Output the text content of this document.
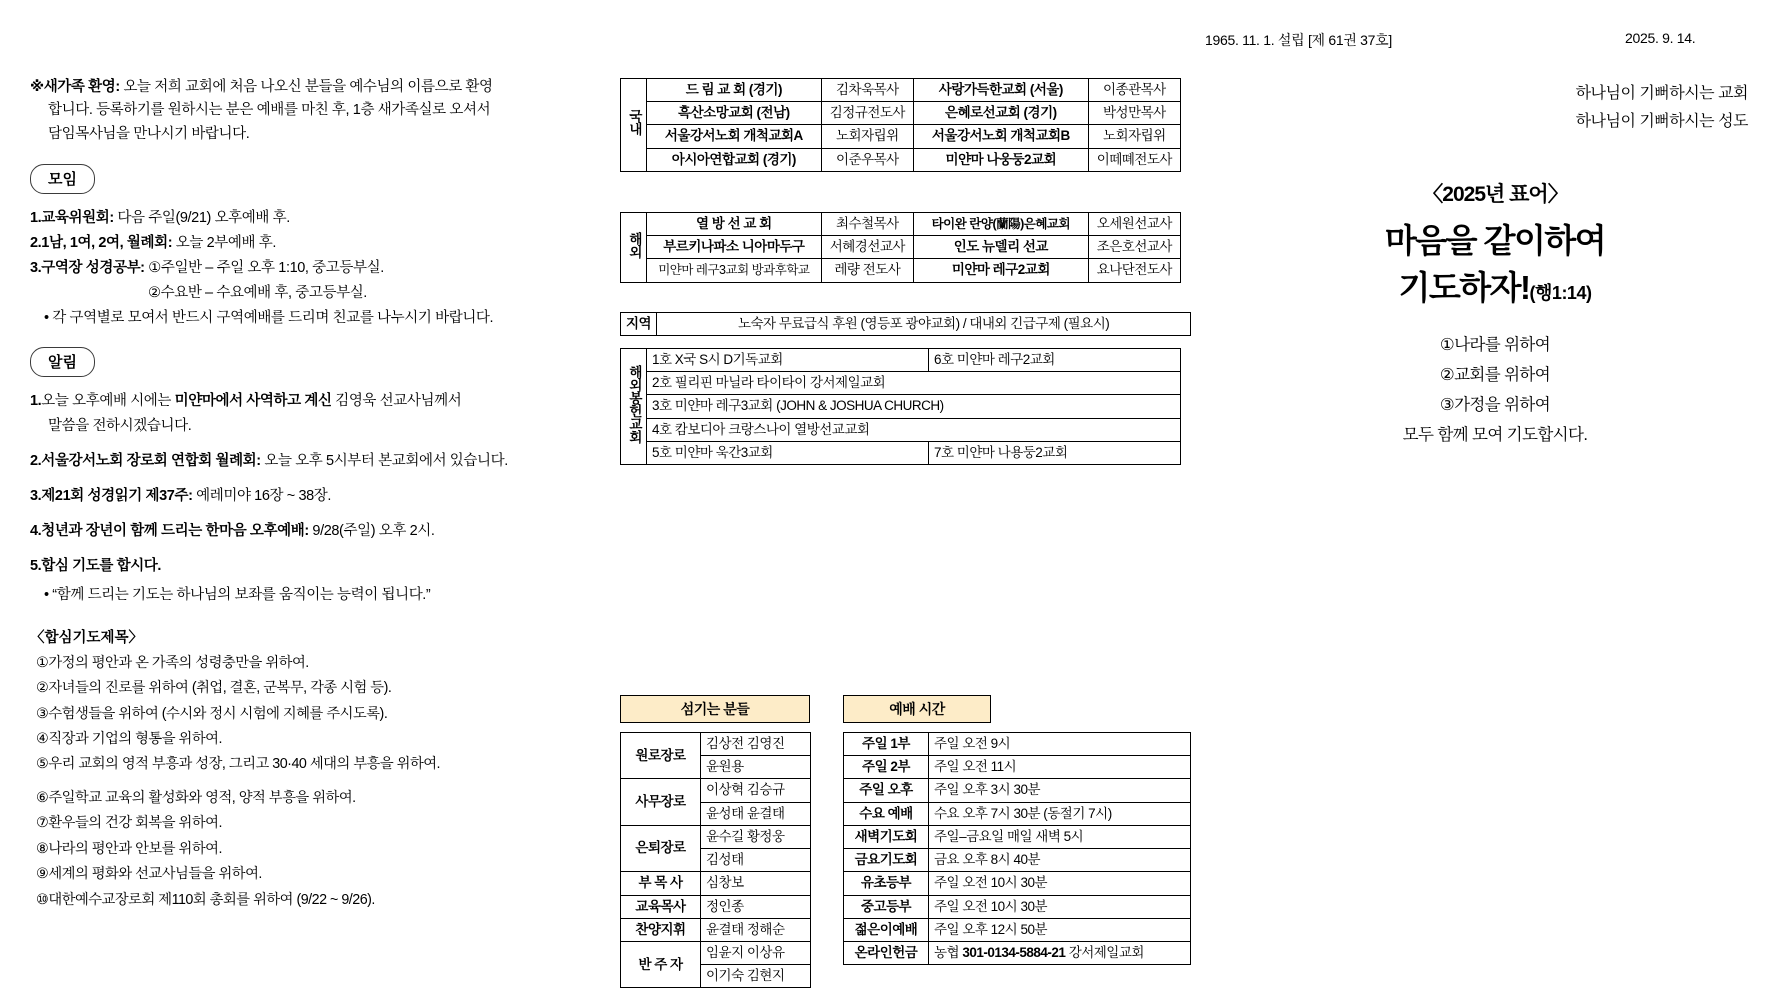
1965. 11. 1. 설립 [제 61권 37호]	2025. 9. 14.
※새가족 환영: 오늘 저희 교회에 처음 나오신 분들을 예수님의 이름으로 환영
합니다. 등록하기를 원하시는 분은 예배를 마친 후, 1층 새가족실로 오셔서
담임목사님을 만나시기 바랍니다.
모임
1.교육위원회: 다음 주일(9/21) 오후예배 후.
2.1남, 1여, 2여, 월례회: 오늘 2부예배 후.
3.구역장 성경공부: ①주일반 – 주일 오후 1:10, 중고등부실.
②수요반 – 수요예배 후, 중고등부실.
• 각 구역별로 모여서 반드시 구역예배를 드리며 친교를 나누시기 바랍니다.
알림
1.오늘 오후예배 시에는 미얀마에서 사역하고 계신 김영욱 선교사님께서
말씀을 전하시겠습니다.
2.서울강서노회 장로회 연합회 월례회: 오늘 오후 5시부터 본교회에서 있습니다.
3.제21회 성경읽기 제37주: 예레미야 16장 ~ 38장.
4.청년과 장년이 함께 드리는 한마음 오후예배: 9/28(주일) 오후 2시.
5.합심 기도를 합시다.
• “함께 드리는 기도는 하나님의 보좌를 움직이는 능력이 됩니다.”
〈합심기도제목〉
①가정의 평안과 온 가족의 성령충만을 위하여.
②자녀들의 진로를 위하여 (취업, 결혼, 군복무, 각종 시험 등).
③수험생들을 위하여 (수시와 정시 시험에 지혜를 주시도록).
④직장과 기업의 형통을 위하여.
⑤우리 교회의 영적 부흥과 성장, 그리고 30·40 세대의 부흥을 위하여.
⑥주일학교 교육의 활성화와 영적, 양적 부흥을 위하여.
⑦환우들의 건강 회복을 위하여.
⑧나라의 평안과 안보를 위하여.
⑨세계의 평화와 선교사님들을 위하여.
⑩대한예수교장로회 제110회 총회를 위하여 (9/22 ~ 9/26).
국내	드 림 교 회 (경기)	김차욱목사	사랑가득한교회 (서울)	이종관목사
	흑산소망교회 (전남)	김정규전도사	은혜로선교회 (경기)	박성만목사
	서울강서노회 개척교회A	노회자립위	서울강서노회 개척교회B	노회자립위
	아시아연합교회 (경기)	이준우목사	미얀마 나웅둥2교회	이떼뗴전도사
해외	열 방 선 교 회	최수철목사	타이완 란양(蘭陽)은혜교회	오세원선교사
	부르키나파소 니아마두구	서혜경선교사	인도 뉴델리 선교	조은호선교사
	미얀마 레구3교회 방과후학교	레량 전도사	미얀마 레구2교회	요나단전도사
지역	노숙자 무료급식 후원 (영등포 광야교회) / 대내외 긴급구제 (필요시)
해외봉헌교회	1호 X국 S시 D기독교회	6호 미얀마 레구2교회
	2호 필리핀 마닐라 타이타이 강서제일교회	
	3호 미얀마 레구3교회 (JOHN & JOSHUA CHURCH)	
	4호 캄보디아 크랑스나이 열방선교교회	
	5호 미얀마 욱간3교회	7호 미얀마 나용둥2교회
섬기는 분들
원로장로	김상전 김영진
	윤원용
사무장로	이상혁 김승규
	윤성태 윤결태
은퇴장로	윤수길 황정웅
	김성태
부 목 사	심창보
교육목사	정인종
찬양지휘	윤결태 정해순
반 주 자	임윤지 이상유
	이기숙 김현지
예배 시간
주일 1부	주일 오전 9시
주일 2부	주일 오전 11시
주일 오후	주일 오후 3시 30분
수요 예배	수요 오후 7시 30분 (동절기 7시)
새벽기도회	주일–금요일 매일 새벽 5시
금요기도회	금요 오후 8시 40분
유초등부	주일 오전 10시 30분
중고등부	주일 오전 10시 30분
젊은이예배	주일 오후 12시 50분
온라인헌금	농협 301-0134-5884-21 강서제일교회
하나님이 기뻐하시는 교회
하나님이 기뻐하시는 성도
〈2025년 표어〉
마음을 같이하여
기도하자!(행1:14)
①나라를 위하여
②교회를 위하여
③가정을 위하여
모두 함께 모여 기도합시다.
